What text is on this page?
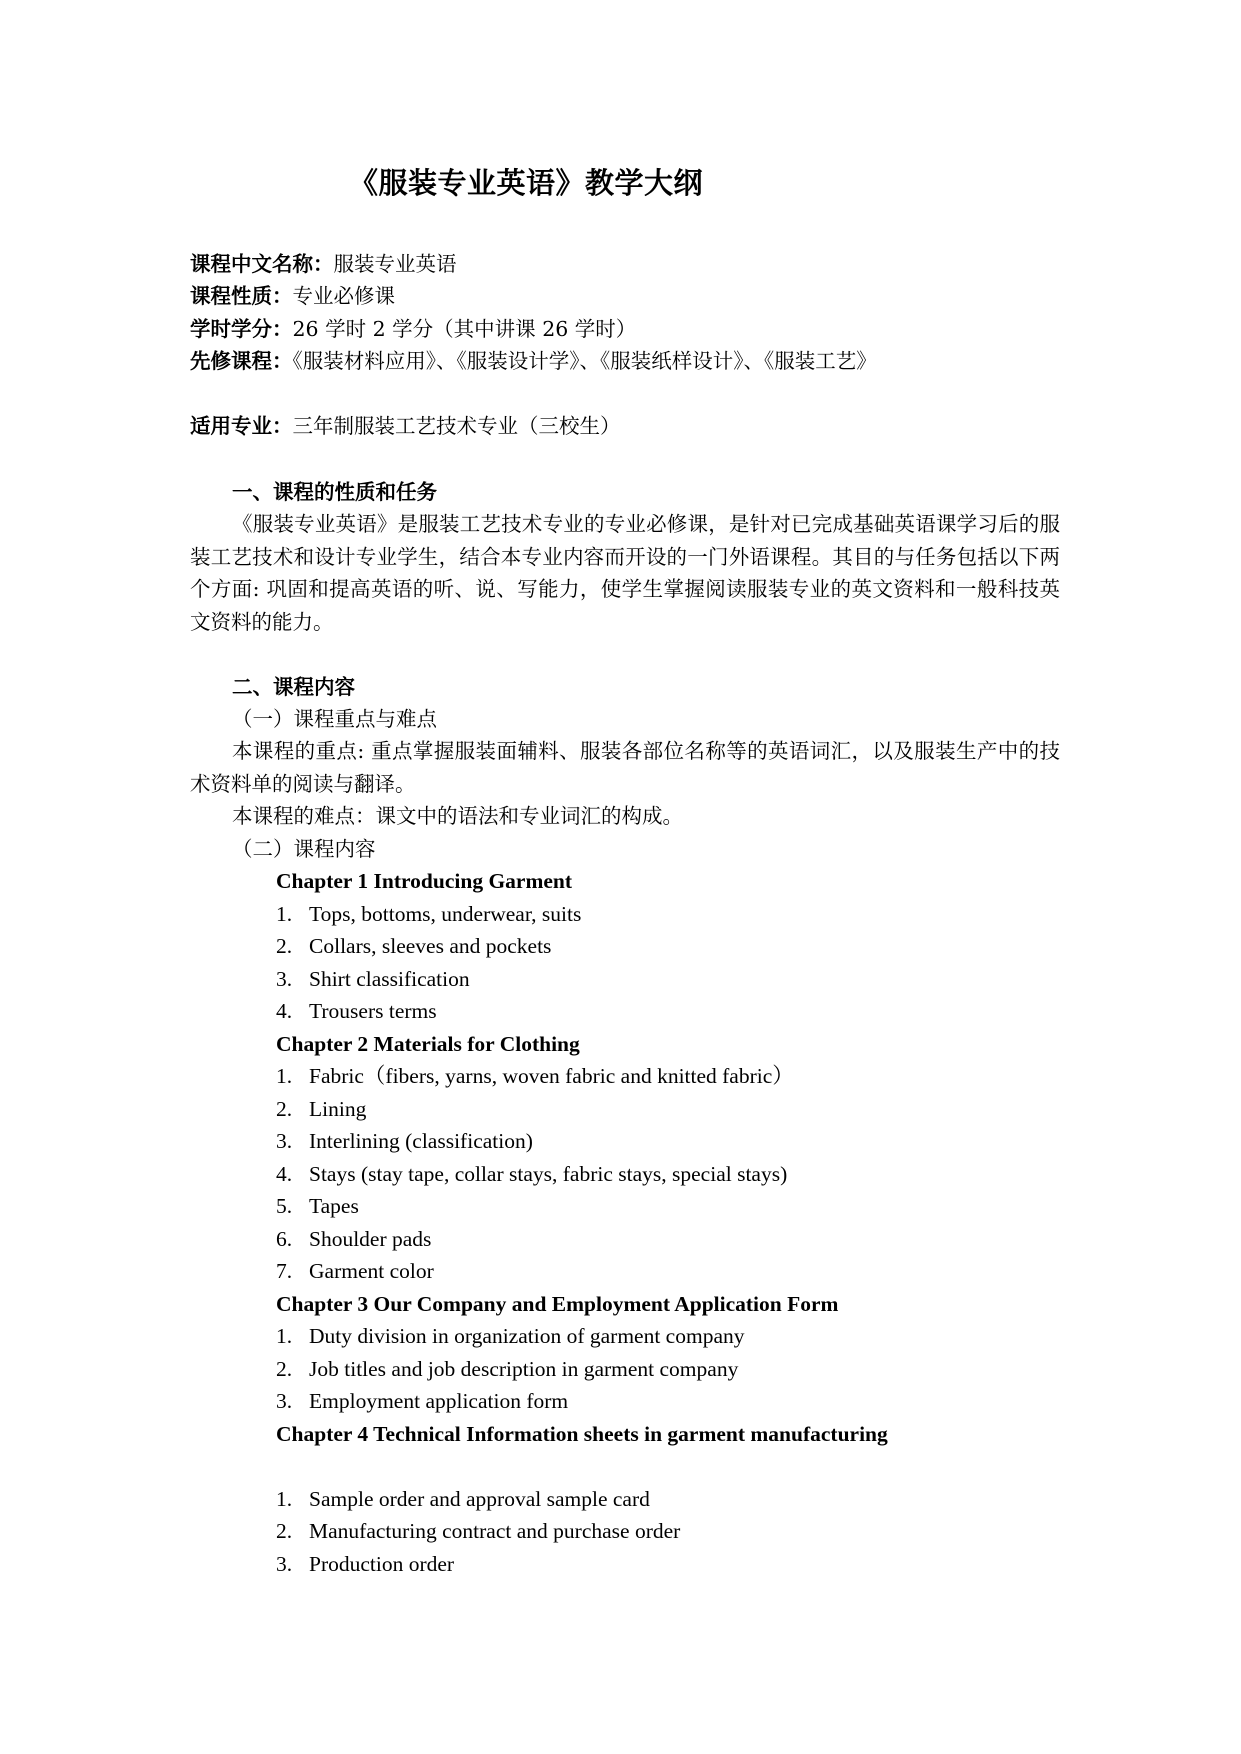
《服装专业英语》教学大纲
课程中文名称：服装专业英语
课程性质：专业必修课
学时学分：26 学时 2 学分（其中讲课 26 学时）
先修课程：《服装材料应用》、《服装设计学》、《服装纸样设计》、《服装工艺》
适用专业：三年制服装工艺技术专业（三校生）
一、课程的性质和任务
《服装专业英语》是服装工艺技术专业的专业必修课，是针对已完成基础英语课学习后的服装工艺技术和设计专业学生，结合本专业内容而开设的一门外语课程。其目的与任务包括以下两个方面: 巩固和提高英语的听、说、写能力，使学生掌握阅读服装专业的英文资料和一般科技英文资料的能力。
二、课程内容
（一）课程重点与难点
本课程的重点: 重点掌握服装面辅料、服装各部位名称等的英语词汇，以及服装生产中的技术资料单的阅读与翻译。
本课程的难点：课文中的语法和专业词汇的构成。
（二）课程内容
Chapter 1 Introducing Garment
1. Tops, bottoms, underwear, suits
2. Collars, sleeves and pockets
3. Shirt classification
4. Trousers terms
Chapter 2 Materials for Clothing
1. Fabric（fibers, yarns, woven fabric and knitted fabric）
2. Lining
3. Interlining (classification)
4. Stays (stay tape, collar stays, fabric stays, special stays)
5. Tapes
6. Shoulder pads
7. Garment color
Chapter 3 Our Company and Employment Application Form
1. Duty division in organization of garment company
2. Job titles and job description in garment company
3. Employment application form
Chapter 4 Technical Information sheets in garment manufacturing
1. Sample order and approval sample card
2. Manufacturing contract and purchase order
3. Production order
